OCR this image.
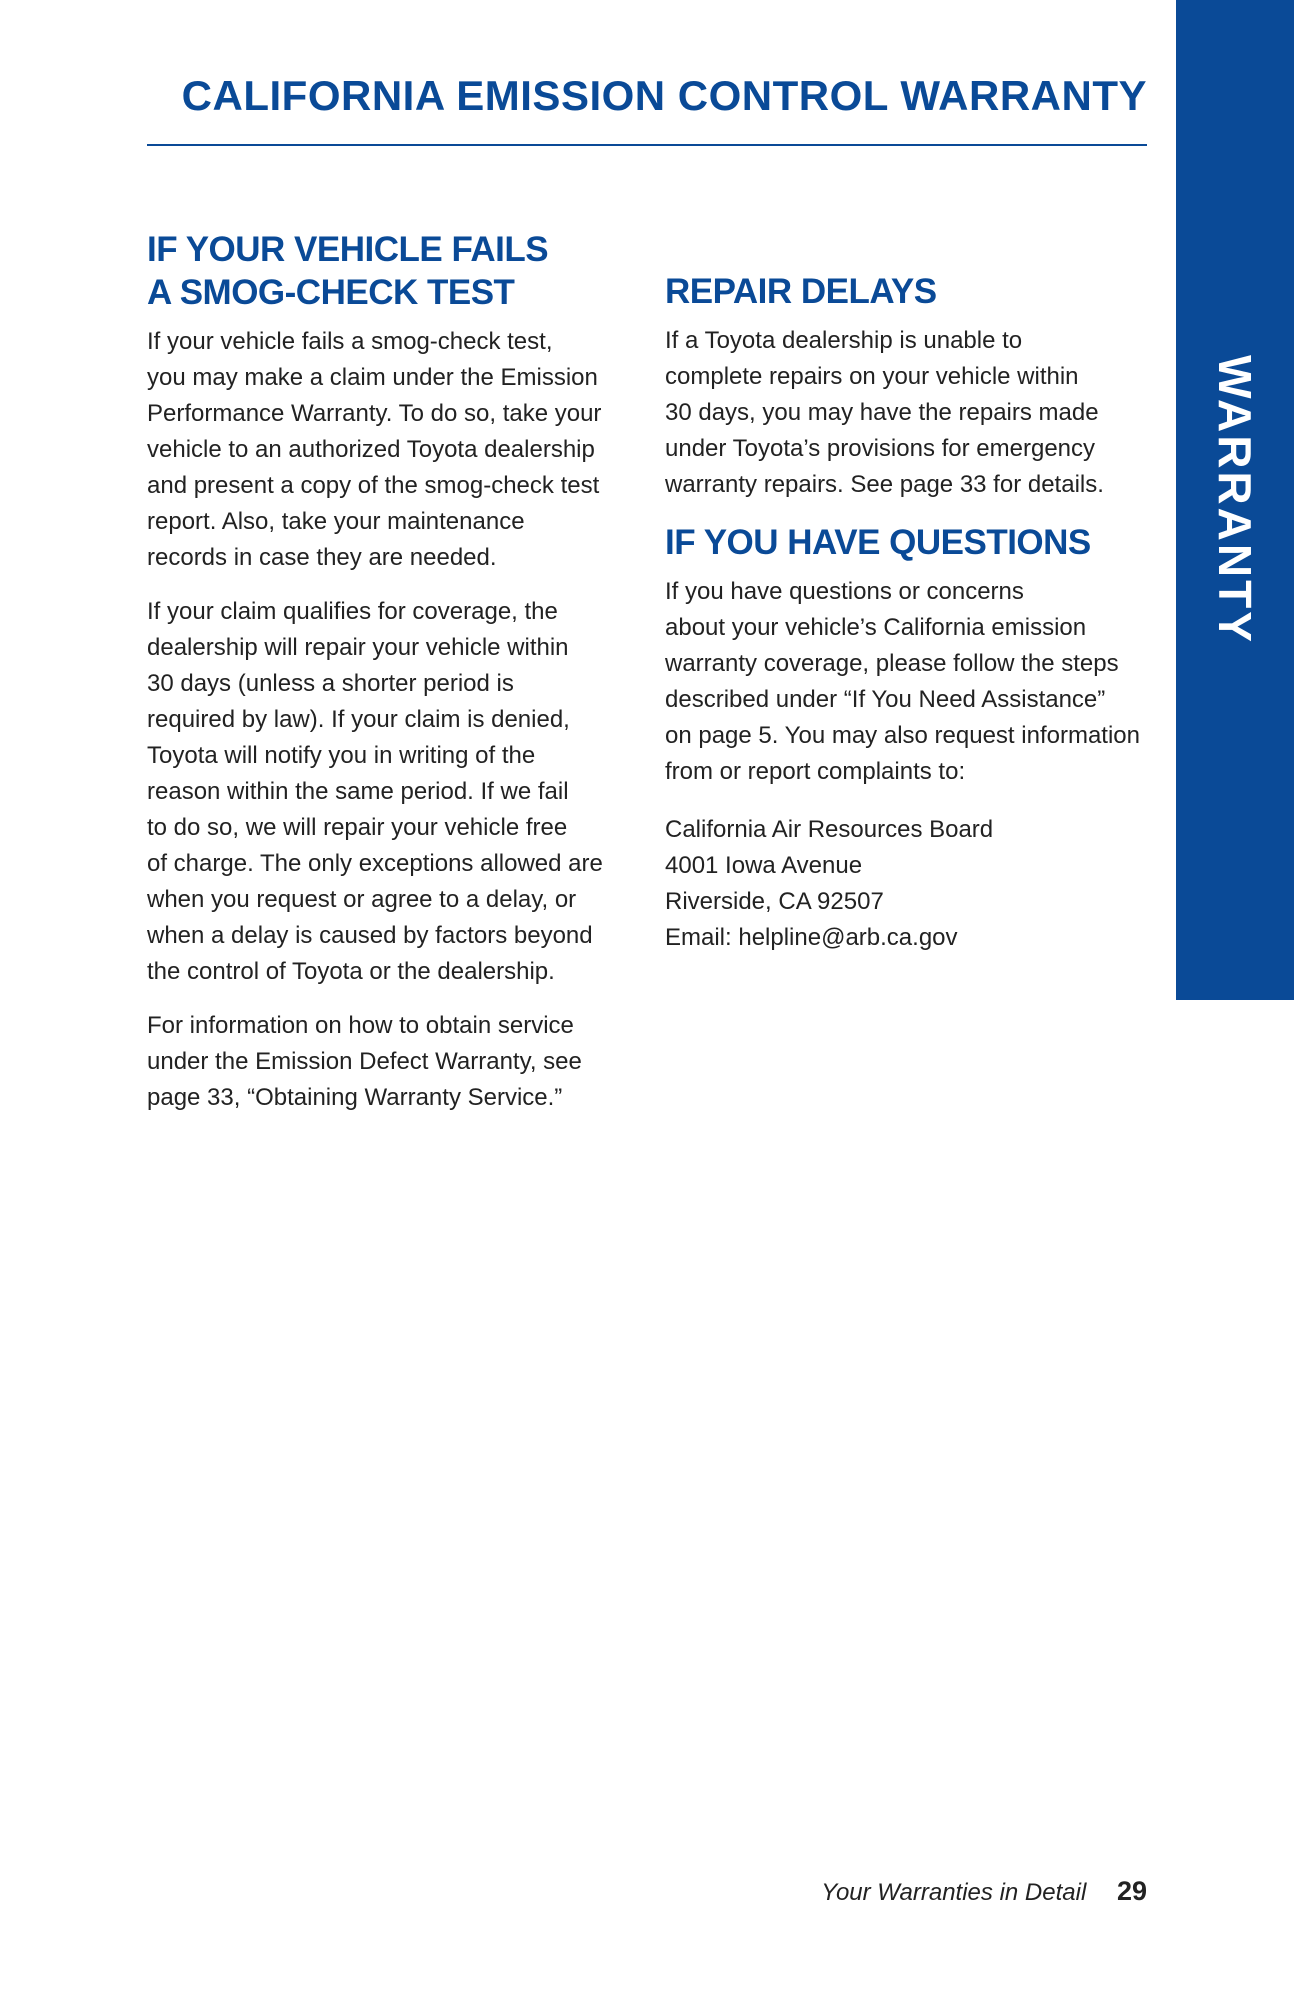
WARRANTY
CALIFORNIA EMISSION CONTROL WARRANTY
IF YOUR VEHICLE FAILS
A SMOG-CHECK TEST

If your vehicle fails a smog-check test,
you may make a claim under the Emission
Performance Warranty. To do so, take your
vehicle to an authorized Toyota dealership
and present a copy of the smog-check test
report. Also, take your maintenance
records in case they are needed.

If your claim qualifies for coverage, the
dealership will repair your vehicle within
30 days (unless a shorter period is
required by law). If your claim is denied,
Toyota will notify you in writing of the
reason within the same period. If we fail
to do so, we will repair your vehicle free
of charge. The only exceptions allowed are
when you request or agree to a delay, or
when a delay is caused by factors beyond
the control of Toyota or the dealership.

For information on how to obtain service
under the Emission Defect Warranty, see
page 33, “Obtaining Warranty Service.”

REPAIR DELAYS

If a Toyota dealership is unable to
complete repairs on your vehicle within
30 days, you may have the repairs made
under Toyota’s provisions for emergency
warranty repairs. See page 33 for details.

IF YOU HAVE QUESTIONS

If you have questions or concerns
about your vehicle’s California emission
warranty coverage, please follow the steps
described under “If You Need Assistance”
on page 5. You may also request information
from or report complaints to:

California Air Resources Board
4001 Iowa Avenue
Riverside, CA 92507
Email: helpline@arb.ca.gov
Your Warranties in Detail 29
